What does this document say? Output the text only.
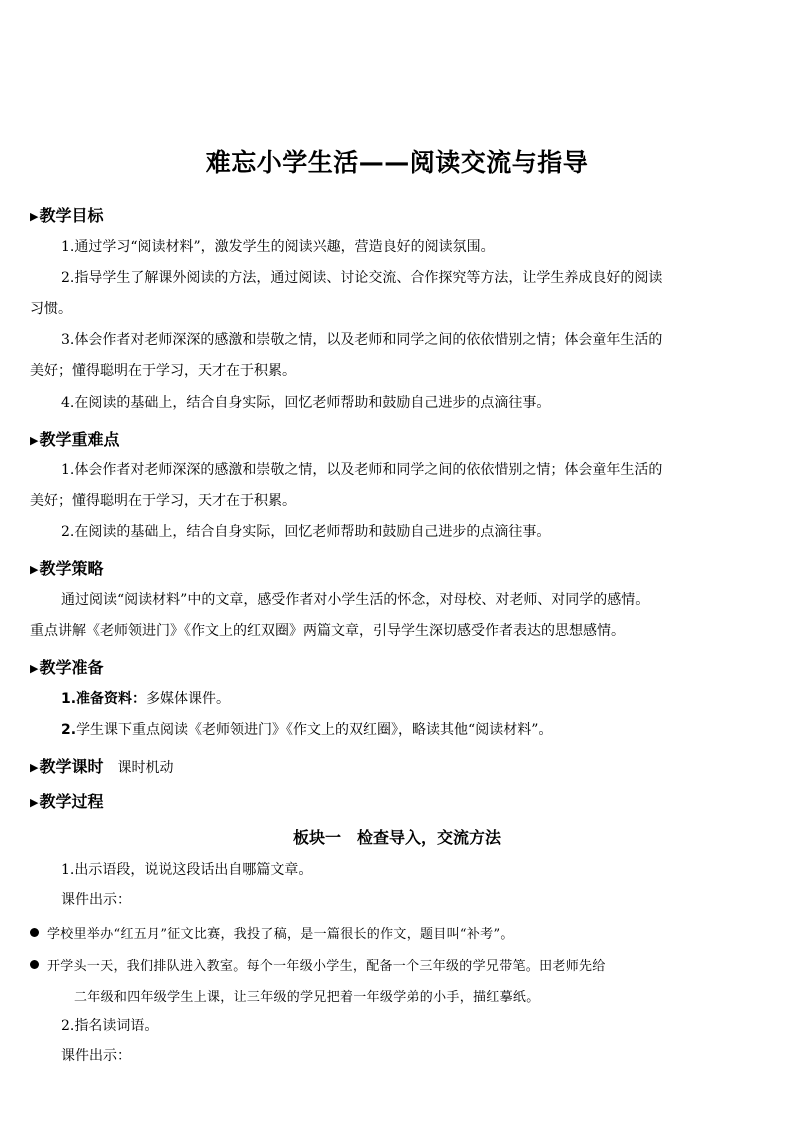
难忘小学生活——阅读交流与指导
▶教学目标
1.通过学习“阅读材料”，激发学生的阅读兴趣，营造良好的阅读氛围。
2.指导学生了解课外阅读的方法，通过阅读、讨论交流、合作探究等方法，让学生养成良好的阅读
习惯。
3.体会作者对老师深深的感激和崇敬之情，以及老师和同学之间的依依惜别之情；体会童年生活的
美好；懂得聪明在于学习，天才在于积累。
4.在阅读的基础上，结合自身实际，回忆老师帮助和鼓励自己进步的点滴往事。
▶教学重难点
1.体会作者对老师深深的感激和崇敬之情，以及老师和同学之间的依依惜别之情；体会童年生活的
美好；懂得聪明在于学习，天才在于积累。
2.在阅读的基础上，结合自身实际，回忆老师帮助和鼓励自己进步的点滴往事。
▶教学策略
通过阅读“阅读材料”中的文章，感受作者对小学生活的怀念，对母校、对老师、对同学的感情。
重点讲解《老师领进门》《作文上的红双圈》两篇文章，引导学生深切感受作者表达的思想感情。
▶教学准备
1.准备资料：多媒体课件。
2.学生课下重点阅读《老师领进门》《作文上的双红圈》，略读其他“阅读材料”。
▶教学课时 课时机动
▶教学过程
板块一　检查导入，交流方法
1.出示语段，说说这段话出自哪篇文章。
课件出示：
学校里举办“红五月”征文比赛，我投了稿，是一篇很长的作文，题目叫“补考”。
开学头一天，我们排队进入教室。每个一年级小学生，配备一个三年级的学兄带笔。田老师先给
二年级和四年级学生上课，让三年级的学兄把着一年级学弟的小手，描红摹纸。
2.指名读词语。
课件出示：
